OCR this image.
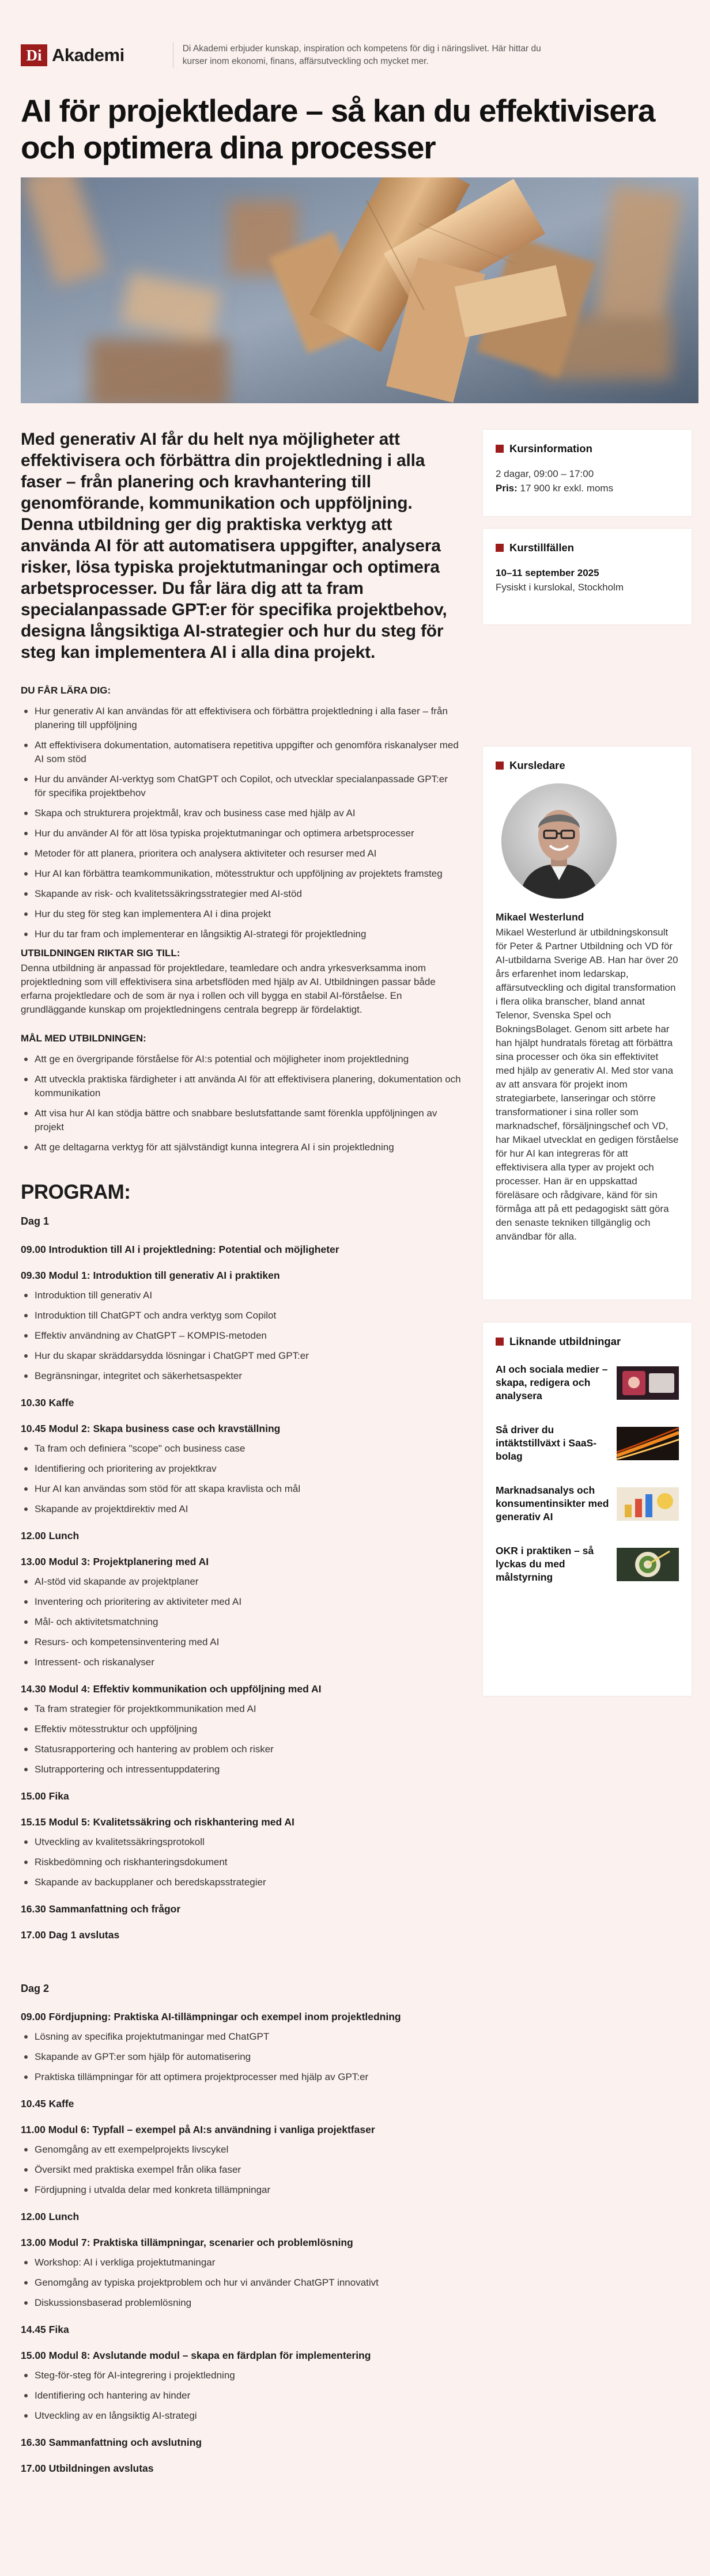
Di Akademi	Di Akademi erbjuder kunskap, inspiration och kompetens för dig i näringslivet. Här hittar du kurser inom ekonomi, finans, affärsutveckling och mycket mer.
AI för projektledare – så kan du effektivisera och optimera dina processer

Med generativ AI får du helt nya möjligheter att effektivisera och förbättra din projektledning i alla faser – från planering och kravhantering till genomförande, kommunikation och uppföljning. Denna utbildning ger dig praktiska verktyg att använda AI för att automatisera uppgifter, analysera risker, lösa typiska projektutmaningar och optimera arbetsprocesser. Du får lära dig att ta fram specialanpassade GPT:er för specifika projektbehov, designa långsiktiga AI-strategier och hur du steg för steg kan implementera AI i alla dina projekt.

DU FÅR LÄRA DIG:
Hur generativ AI kan användas för att effektivisera och förbättra projektledning i alla faser – från planering till uppföljning
Att effektivisera dokumentation, automatisera repetitiva uppgifter och genomföra riskanalyser med AI som stöd
Hur du använder AI-verktyg som ChatGPT och Copilot, och utvecklar specialanpassade GPT:er för specifika projektbehov
Skapa och strukturera projektmål, krav och business case med hjälp av AI
Hur du använder AI för att lösa typiska projektutmaningar och optimera arbetsprocesser
Metoder för att planera, prioritera och analysera aktiviteter och resurser med AI
Hur AI kan förbättra teamkommunikation, mötesstruktur och uppföljning av projektets framsteg
Skapande av risk- och kvalitetssäkringsstrategier med AI-stöd
Hur du steg för steg kan implementera AI i dina projekt
Hur du tar fram och implementerar en långsiktig AI-strategi för projektledning
UTBILDNINGEN RIKTAR SIG TILL:

Denna utbildning är anpassad för projektledare, teamledare och andra yrkesverksamma inom projektledning som vill effektivisera sina arbetsflöden med hjälp av AI. Utbildningen passar både erfarna projektledare och de som är nya i rollen och vill bygga en stabil AI-förståelse. En grundläggande kunskap om projektledningens centrala begrepp är fördelaktigt.

MÅL MED UTBILDNINGEN:
Att ge en övergripande förståelse för AI:s potential och möjligheter inom projektledning
Att utveckla praktiska färdigheter i att använda AI för att effektivisera planering, dokumentation och kommunikation
Att visa hur AI kan stödja bättre och snabbare beslutsfattande samt förenkla uppföljningen av projekt
Att ge deltagarna verktyg för att självständigt kunna integrera AI i sin projektledning
PROGRAM:
Dag 1
09.00 Introduktion till AI i projektledning: Potential och möjligheter
09.30 Modul 1: Introduktion till generativ AI i praktiken
Introduktion till generativ AI
Introduktion till ChatGPT och andra verktyg som Copilot
Effektiv användning av ChatGPT – KOMPIS-metoden
Hur du skapar skräddarsydda lösningar i ChatGPT med GPT:er
Begränsningar, integritet och säkerhetsaspekter
10.30 Kaffe
10.45 Modul 2: Skapa business case och kravställning
Ta fram och definiera "scope" och business case
Identifiering och prioritering av projektkrav
Hur AI kan användas som stöd för att skapa kravlista och mål
Skapande av projektdirektiv med AI
12.00 Lunch
13.00 Modul 3: Projektplanering med AI
AI-stöd vid skapande av projektplaner
Inventering och prioritering av aktiviteter med AI
Mål- och aktivitetsmatchning
Resurs- och kompetensinventering med AI
Intressent- och riskanalyser
14.30 Modul 4: Effektiv kommunikation och uppföljning med AI
Ta fram strategier för projektkommunikation med AI
Effektiv mötesstruktur och uppföljning
Statusrapportering och hantering av problem och risker
Slutrapportering och intressentuppdatering
15.00 Fika
15.15 Modul 5: Kvalitetssäkring och riskhantering med AI
Utveckling av kvalitetssäkringsprotokoll
Riskbedömning och riskhanteringsdokument
Skapande av backupplaner och beredskapsstrategier
16.30 Sammanfattning och frågor
17.00 Dag 1 avslutas
Dag 2
09.00 Fördjupning: Praktiska AI-tillämpningar och exempel inom projektledning
Lösning av specifika projektutmaningar med ChatGPT
Skapande av GPT:er som hjälp för automatisering
Praktiska tillämpningar för att optimera projektprocesser med hjälp av GPT:er
10.45 Kaffe
11.00 Modul 6: Typfall – exempel på AI:s användning i vanliga projektfaser
Genomgång av ett exempelprojekts livscykel
Översikt med praktiska exempel från olika faser
Fördjupning i utvalda delar med konkreta tillämpningar
12.00 Lunch
13.00 Modul 7: Praktiska tillämpningar, scenarier och problemlösning
Workshop: AI i verkliga projektutmaningar
Genomgång av typiska projektproblem och hur vi använder ChatGPT innovativt
Diskussionsbaserad problemlösning
14.45 Fika
15.00 Modul 8: Avslutande modul – skapa en färdplan för implementering
Steg-för-steg för AI-integrering i projektledning
Identifiering och hantering av hinder
Utveckling av en långsiktig AI-strategi
16.30 Sammanfattning och avslutning
17.00 Utbildningen avslutas
Kursinformation
2 dagar, 09:00 – 17:00
Pris: 17 900 kr exkl. moms
Kurstillfällen
10–11 september 2025
Fysiskt i kurslokal, Stockholm
Kursledare
Mikael Westerlund
Mikael Westerlund är utbildningskonsult för Peter & Partner Utbildning och VD för AI-utbildarna Sverige AB. Han har över 20 års erfarenhet inom ledarskap, affärsutveckling och digital transformation i flera olika branscher, bland annat Telenor, Svenska Spel och BokningsBolaget. Genom sitt arbete har han hjälpt hundratals företag att förbättra sina processer och öka sin effektivitet med hjälp av generativ AI. Med stor vana av att ansvara för projekt inom strategiarbete, lanseringar och större transformationer i sina roller som marknadschef, försäljningschef och VD, har Mikael utvecklat en gedigen förståelse för hur AI kan integreras för att effektivisera alla typer av projekt och processer. Han är en uppskattad föreläsare och rådgivare, känd för sin förmåga att på ett pedagogiskt sätt göra den senaste tekniken tillgänglig och användbar för alla.
Liknande utbildningar
AI och sociala medier – skapa, redigera och analysera
Så driver du intäktstillväxt i SaaS-bolag
Marknadsanalys och konsumentinsikter med generativ AI
OKR i praktiken – så lyckas du med målstyrning
